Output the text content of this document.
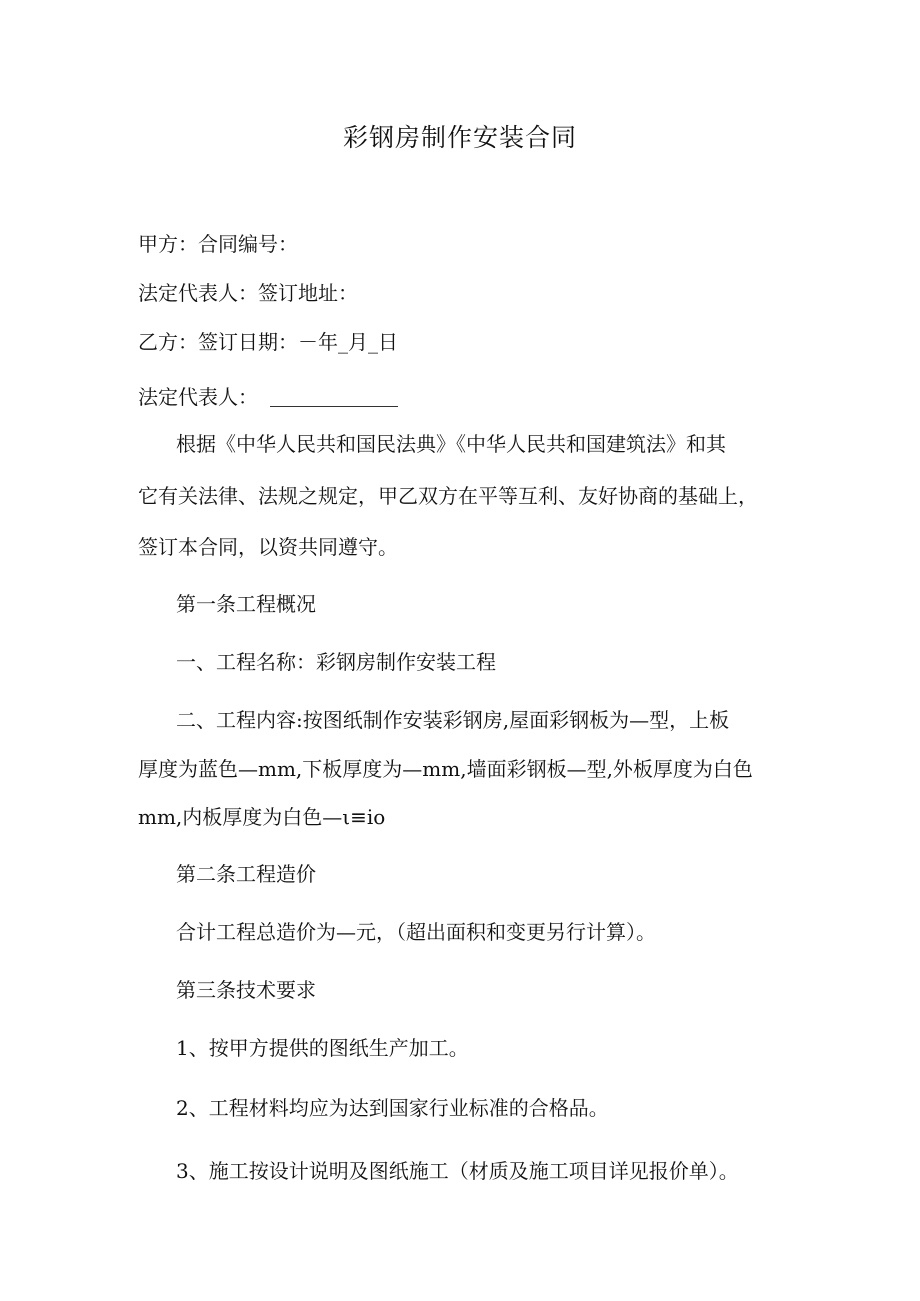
彩钢房制作安装合同
甲方：合同编号：
法定代表人：签订地址：
乙方：签订日期：－年_月_日
法定代表人：
根据《中华人民共和国民法典》《中华人民共和国建筑法》和其
它有关法律、法规之规定，甲乙双方在平等互利、友好协商的基础上，
签订本合同，以资共同遵守。
第一条工程概况
一、工程名称：彩钢房制作安装工程
二、工程内容:按图纸制作安装彩钢房,屋面彩钢板为—型，上板
厚度为蓝色—mm,下板厚度为—mm,墙面彩钢板—型,外板厚度为白色
mm,内板厚度为白色—ι≡io
第二条工程造价
合计工程总造价为—元，（超出面积和变更另行计算）。
第三条技术要求
1、按甲方提供的图纸生产加工。
2、工程材料均应为达到国家行业标准的合格品。
3、施工按设计说明及图纸施工（材质及施工项目详见报价单）。
